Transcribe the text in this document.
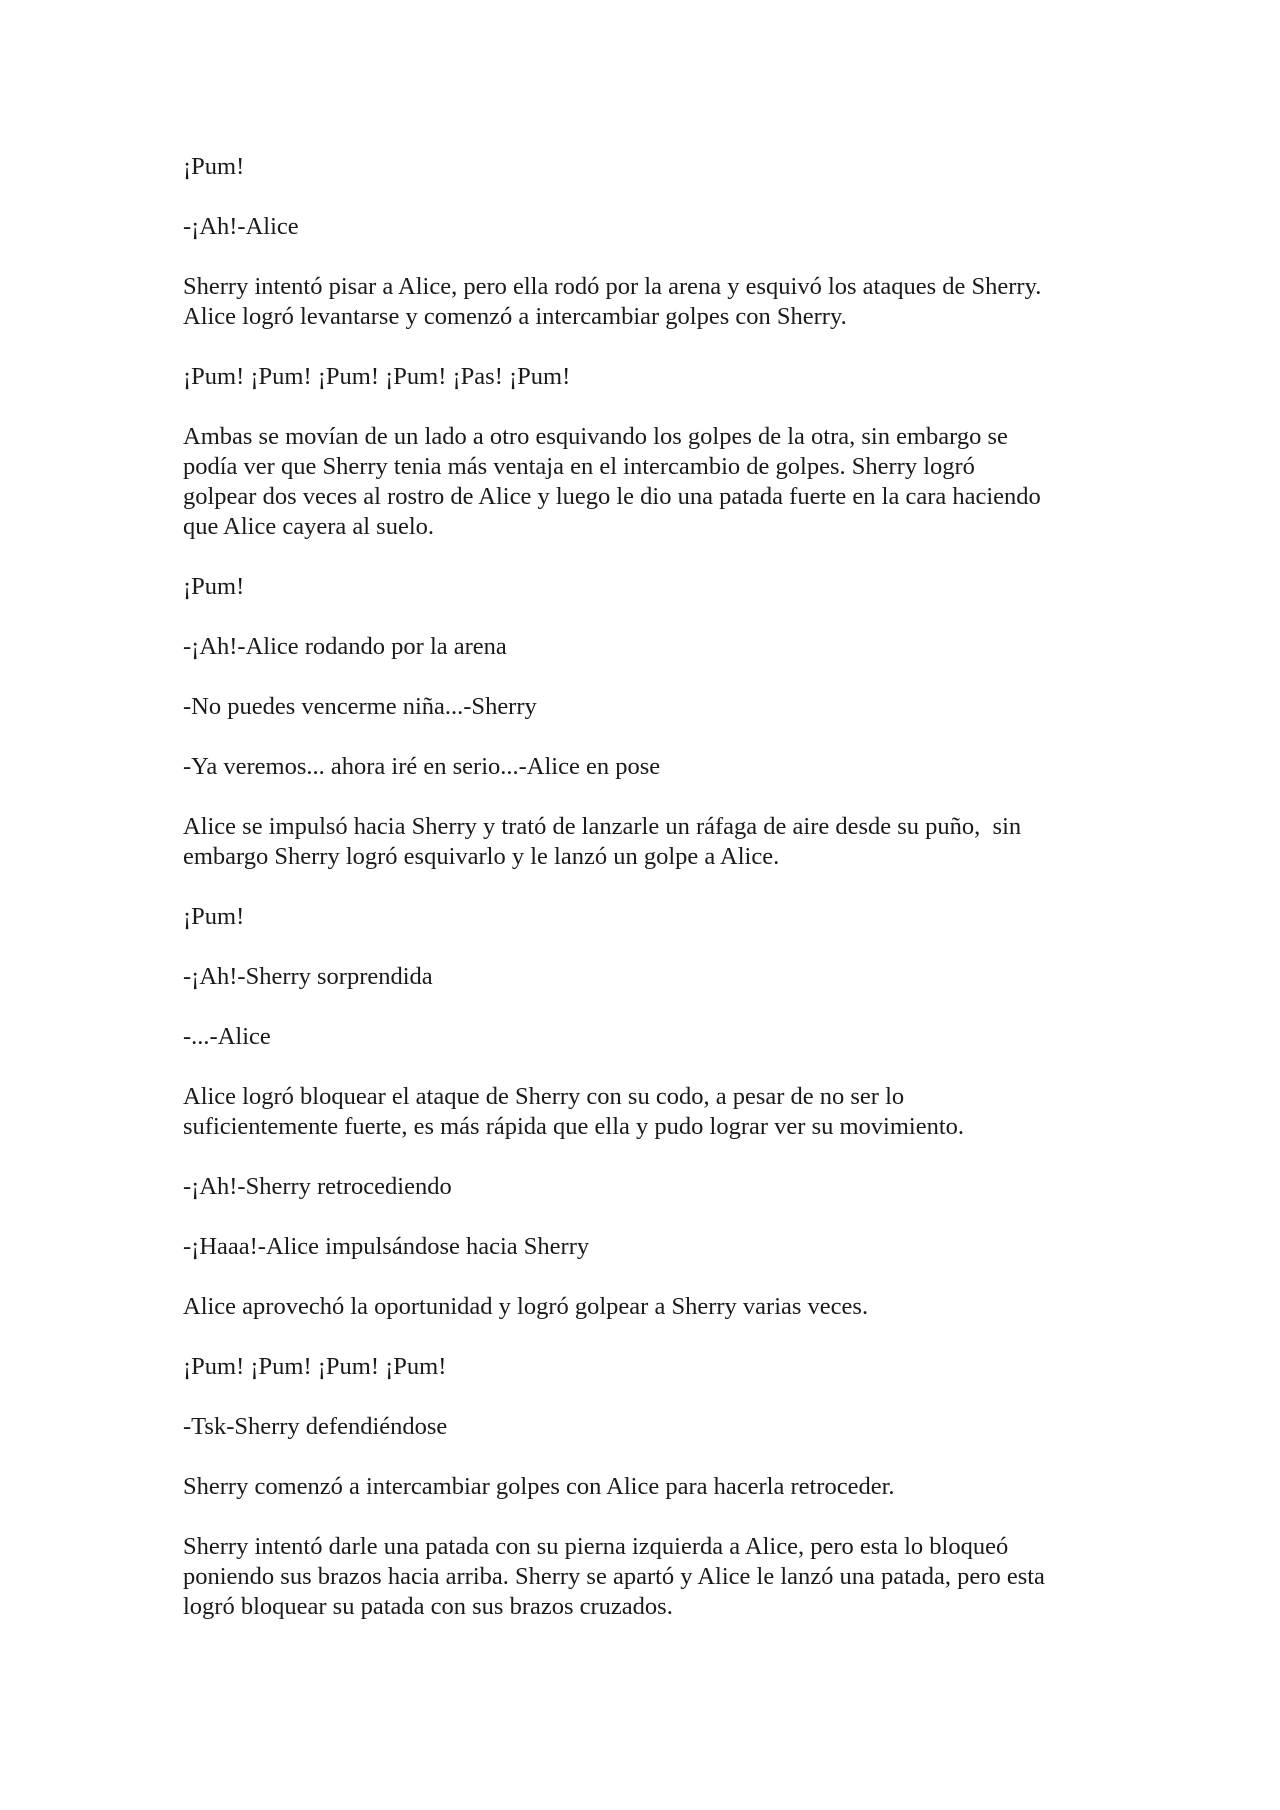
¡Pum!

-¡Ah!-Alice

Sherry intentó pisar a Alice, pero ella rodó por la arena y esquivó los ataques de Sherry.
Alice logró levantarse y comenzó a intercambiar golpes con Sherry.

¡Pum! ¡Pum! ¡Pum! ¡Pum! ¡Pas! ¡Pum!

Ambas se movían de un lado a otro esquivando los golpes de la otra, sin embargo se
podía ver que Sherry tenia más ventaja en el intercambio de golpes. Sherry logró
golpear dos veces al rostro de Alice y luego le dio una patada fuerte en la cara haciendo
que Alice cayera al suelo.

¡Pum!

-¡Ah!-Alice rodando por la arena

-No puedes vencerme niña...-Sherry

-Ya veremos... ahora iré en serio...-Alice en pose

Alice se impulsó hacia Sherry y trató de lanzarle un ráfaga de aire desde su puño,  sin
embargo Sherry logró esquivarlo y le lanzó un golpe a Alice.

¡Pum!

-¡Ah!-Sherry sorprendida

-...-Alice

Alice logró bloquear el ataque de Sherry con su codo, a pesar de no ser lo
suficientemente fuerte, es más rápida que ella y pudo lograr ver su movimiento.

-¡Ah!-Sherry retrocediendo

-¡Haaa!-Alice impulsándose hacia Sherry

Alice aprovechó la oportunidad y logró golpear a Sherry varias veces.

¡Pum! ¡Pum! ¡Pum! ¡Pum!

-Tsk-Sherry defendiéndose

Sherry comenzó a intercambiar golpes con Alice para hacerla retroceder.

Sherry intentó darle una patada con su pierna izquierda a Alice, pero esta lo bloqueó
poniendo sus brazos hacia arriba. Sherry se apartó y Alice le lanzó una patada, pero esta
logró bloquear su patada con sus brazos cruzados.
